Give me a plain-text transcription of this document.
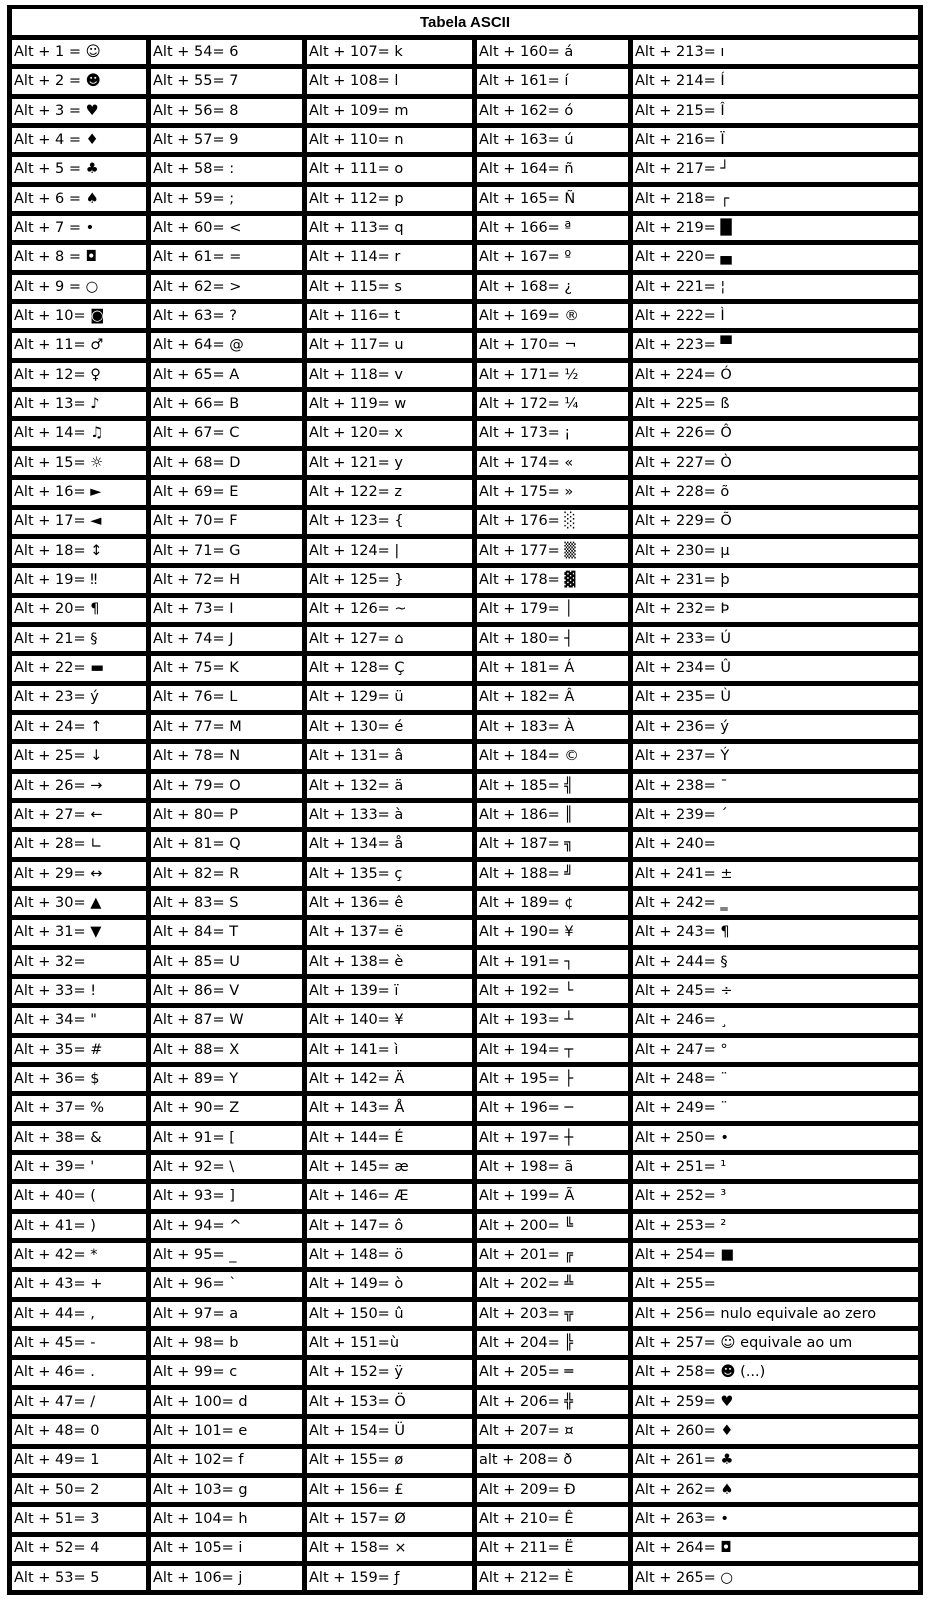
Tabela ASCII
Alt + 1 = ☺
Alt + 2 = ☻
Alt + 3 = ♥
Alt + 4 = ♦
Alt + 5 = ♣
Alt + 6 = ♠
Alt + 7 = •
Alt + 8 = ◘
Alt + 9 = ○
Alt + 10= ◙
Alt + 11= ♂
Alt + 12= ♀
Alt + 13= ♪
Alt + 14= ♫
Alt + 15= ☼
Alt + 16= ►
Alt + 17= ◄
Alt + 18= ↕
Alt + 19= ‼
Alt + 20= ¶
Alt + 21= §
Alt + 22= ▬
Alt + 23= ý
Alt + 24= ↑
Alt + 25= ↓
Alt + 26= →
Alt + 27= ←
Alt + 28= ∟
Alt + 29= ↔
Alt + 30= ▲
Alt + 31= ▼
Alt + 32=
Alt + 33= !
Alt + 34= "
Alt + 35= #
Alt + 36= $
Alt + 37= %
Alt + 38= &
Alt + 39= '
Alt + 40= (
Alt + 41= )
Alt + 42= *
Alt + 43= +
Alt + 44= ,
Alt + 45= -
Alt + 46= .
Alt + 47= /
Alt + 48= 0
Alt + 49= 1
Alt + 50= 2
Alt + 51= 3
Alt + 52= 4
Alt + 53= 5
Alt + 54= 6
Alt + 55= 7
Alt + 56= 8
Alt + 57= 9
Alt + 58= :
Alt + 59= ;
Alt + 60= <
Alt + 61= =
Alt + 62= >
Alt + 63= ?
Alt + 64= @
Alt + 65= A
Alt + 66= B
Alt + 67= C
Alt + 68= D
Alt + 69= E
Alt + 70= F
Alt + 71= G
Alt + 72= H
Alt + 73= I
Alt + 74= J
Alt + 75= K
Alt + 76= L
Alt + 77= M
Alt + 78= N
Alt + 79= O
Alt + 80= P
Alt + 81= Q
Alt + 82= R
Alt + 83= S
Alt + 84= T
Alt + 85= U
Alt + 86= V
Alt + 87= W
Alt + 88= X
Alt + 89= Y
Alt + 90= Z
Alt + 91= [
Alt + 92= \
Alt + 93= ]
Alt + 94= ^
Alt + 95= _
Alt + 96= `
Alt + 97= a
Alt + 98= b
Alt + 99= c
Alt + 100= d
Alt + 101= e
Alt + 102= f
Alt + 103= g
Alt + 104= h
Alt + 105= i
Alt + 106= j
Alt + 107= k
Alt + 108= l
Alt + 109= m
Alt + 110= n
Alt + 111= o
Alt + 112= p
Alt + 113= q
Alt + 114= r
Alt + 115= s
Alt + 116= t
Alt + 117= u
Alt + 118= v
Alt + 119= w
Alt + 120= x
Alt + 121= y
Alt + 122= z
Alt + 123= {
Alt + 124= |
Alt + 125= }
Alt + 126= ~
Alt + 127= ⌂
Alt + 128= Ç
Alt + 129= ü
Alt + 130= é
Alt + 131= â
Alt + 132= ä
Alt + 133= à
Alt + 134= å
Alt + 135= ç
Alt + 136= ê
Alt + 137= ë
Alt + 138= è
Alt + 139= ï
Alt + 140= ¥
Alt + 141= ì
Alt + 142= Ä
Alt + 143= Å
Alt + 144= É
Alt + 145= æ
Alt + 146= Æ
Alt + 147= ô
Alt + 148= ö
Alt + 149= ò
Alt + 150= û
Alt + 151=ù
Alt + 152= ÿ
Alt + 153= Ö
Alt + 154= Ü
Alt + 155= ø
Alt + 156= £
Alt + 157= Ø
Alt + 158= ×
Alt + 159= ƒ
Alt + 160= á
Alt + 161= í
Alt + 162= ó
Alt + 163= ú
Alt + 164= ñ
Alt + 165= Ñ
Alt + 166= ª
Alt + 167= º
Alt + 168= ¿
Alt + 169= ®
Alt + 170= ¬
Alt + 171= ½
Alt + 172= ¼
Alt + 173= ¡
Alt + 174= «
Alt + 175= »
Alt + 176= ░
Alt + 177= ▒
Alt + 178= ▓
Alt + 179= │
Alt + 180= ┤
Alt + 181= Á
Alt + 182= Â
Alt + 183= À
Alt + 184= ©
Alt + 185= ╣
Alt + 186= ║
Alt + 187= ╗
Alt + 188= ╝
Alt + 189= ¢
Alt + 190= ¥
Alt + 191= ┐
Alt + 192= └
Alt + 193= ┴
Alt + 194= ┬
Alt + 195= ├
Alt + 196= ─
Alt + 197= ┼
Alt + 198= ã
Alt + 199= Ã
Alt + 200= ╚
Alt + 201= ╔
Alt + 202= ╩
Alt + 203= ╦
Alt + 204= ╠
Alt + 205= ═
Alt + 206= ╬
Alt + 207= ¤
alt + 208= ð
Alt + 209= Ð
Alt + 210= Ê
Alt + 211= Ë
Alt + 212= È
Alt + 213= ı
Alt + 214= Í
Alt + 215= Î
Alt + 216= Ï
Alt + 217= ┘
Alt + 218= ┌
Alt + 219= █
Alt + 220= ▄
Alt + 221= ¦
Alt + 222= Ì
Alt + 223= ▀
Alt + 224= Ó
Alt + 225= ß
Alt + 226= Ô
Alt + 227= Ò
Alt + 228= õ
Alt + 229= Õ
Alt + 230= µ
Alt + 231= þ
Alt + 232= Þ
Alt + 233= Ú
Alt + 234= Û
Alt + 235= Ù
Alt + 236= ý
Alt + 237= Ý
Alt + 238= ¯
Alt + 239= ´
Alt + 240=
Alt + 241= ±
Alt + 242= ‗
Alt + 243= ¶
Alt + 244= §
Alt + 245= ÷
Alt + 246= ¸
Alt + 247= °
Alt + 248= ¨
Alt + 249= ¨
Alt + 250= •
Alt + 251= ¹
Alt + 252= ³
Alt + 253= ²
Alt + 254= ■
Alt + 255=
Alt + 256= nulo equivale ao zero
Alt + 257= ☺ equivale ao um
Alt + 258= ☻ (...)
Alt + 259= ♥
Alt + 260= ♦
Alt + 261= ♣
Alt + 262= ♠
Alt + 263= •
Alt + 264= ◘
Alt + 265= ○
